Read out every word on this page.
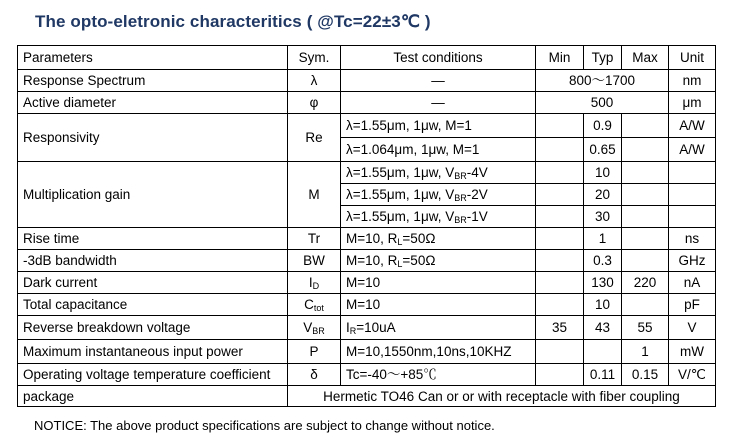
The opto-eletronic characteritics ( @Tc=22±3℃ )
Parameters	Sym.	Test conditions	Min	Typ	Max	Unit
Response Spectrum	λ	—	800～1700			nm
Active diameter	φ	—	500			μm
Responsivity	Re	λ=1.55μm, 1μw, M=1		0.9		A/W
		λ=1.064μm, 1μw, M=1		0.65		A/W
Multiplication gain	M	λ=1.55μm, 1μw, $V_{BR}-4V$		10		
		λ=1.55μm, 1μw, $V_{BR}-2V$		20		
		λ=1.55μm, 1μw, $V_{BR}-1V$		30		
Rise time	Tr	M=10, $R_L=50\Omega$		1		ns
-3dB bandwidth	BW	M=10, $R_L=50\Omega$		0.3		GHz
Dark current	$I_D$	M=10		130	220	nA
Total capacitance	$C_{tot}$	M=10		10		pF
Reverse breakdown voltage	$V_{BR}$	$I_R=10uA$	35	43	55	V
Maximum instantaneous input power	P	M=10,1550nm,10ns,10KHZ			1	mW
Operating voltage temperature coefficient	δ	Tc=-40～+85℃		0.11	0.15	V/℃
package	Hermetic TO46 Can or or with receptacle with fiber coupling					
NOTICE: The above product specifications are subject to change without notice.
